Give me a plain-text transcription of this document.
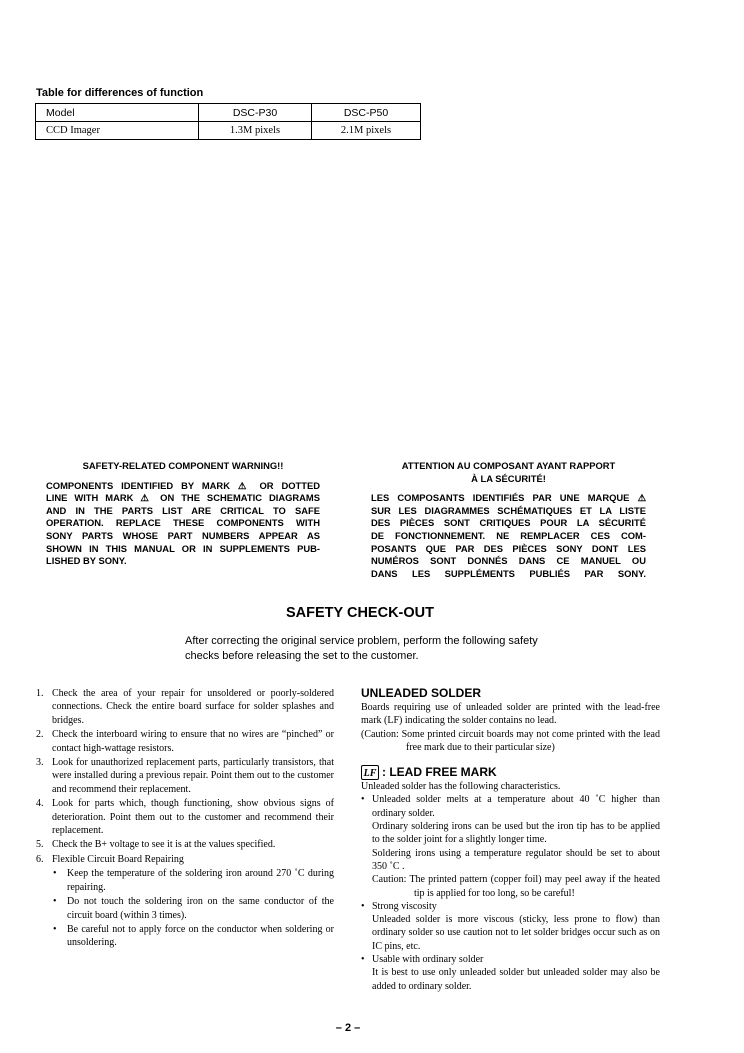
Table for differences of function
Model	DSC-P30	DSC-P50
CCD Imager	1.3M pixels	2.1M pixels
SAFETY-RELATED COMPONENT WARNING!!
COMPONENTS IDENTIFIED BY MARK ⚠ OR DOTTED
LINE WITH MARK ⚠ ON THE SCHEMATIC DIAGRAMS
AND IN THE PARTS LIST ARE CRITICAL TO SAFE
OPERATION. REPLACE THESE COMPONENTS WITH
SONY PARTS WHOSE PART NUMBERS APPEAR AS
SHOWN IN THIS MANUAL OR IN SUPPLEMENTS PUB-
LISHED BY SONY.
ATTENTION AU COMPOSANT AYANT RAPPORT
À LA SÉCURITÉ!
LES COMPOSANTS IDENTIFIÉS PAR UNE MARQUE ⚠
SUR LES DIAGRAMMES SCHÉMATIQUES ET LA LISTE
DES PIÈCES SONT CRITIQUES POUR LA SÉCURITÉ
DE FONCTIONNEMENT. NE REMPLACER CES COM-
POSANTS QUE PAR DES PIÈCES SONY DONT LES
NUMÉROS SONT DONNÉS DANS CE MANUEL OU
DANS LES SUPPLÉMENTS PUBLIÉS PAR SONY.
SAFETY CHECK-OUT
After correcting the original service problem, perform the following safety checks before releasing the set to the customer.
1. Check the area of your repair for unsoldered or poorly-soldered connections. Check the entire board surface for solder splashes and bridges.
2. Check the interboard wiring to ensure that no wires are “pinched” or contact high-wattage resistors.
3. Look for unauthorized replacement parts, particularly transistors, that were installed during a previous repair. Point them out to the customer and recommend their replacement.
4. Look for parts which, though functioning, show obvious signs of deterioration. Point them out to the customer and recommend their replacement.
5. Check the B+ voltage to see it is at the values specified.
6. Flexible Circuit Board Repairing
• Keep the temperature of the soldering iron around 270 ˚C during repairing.
• Do not touch the soldering iron on the same conductor of the circuit board (within 3 times).
• Be careful not to apply force on the conductor when soldering or unsoldering.
UNLEADED SOLDER
Boards requiring use of unleaded solder are printed with the lead-free mark (LF) indicating the solder contains no lead.
(Caution: Some printed circuit boards may not come printed with the lead free mark due to their particular size)
LF : LEAD FREE MARK
Unleaded solder has the following characteristics.
• Unleaded solder melts at a temperature about 40 ˚C higher than ordinary solder.
Ordinary soldering irons can be used but the iron tip has to be applied to the solder joint for a slightly longer time.
Soldering irons using a temperature regulator should be set to about 350 ˚C .
Caution: The printed pattern (copper foil) may peel away if the heated tip is applied for too long, so be careful!
• Strong viscosity
Unleaded solder is more viscous (sticky, less prone to flow) than ordinary solder so use caution not to let solder bridges occur such as on IC pins, etc.
• Usable with ordinary solder
It is best to use only unleaded solder but unleaded solder may also be added to ordinary solder.
– 2 –
